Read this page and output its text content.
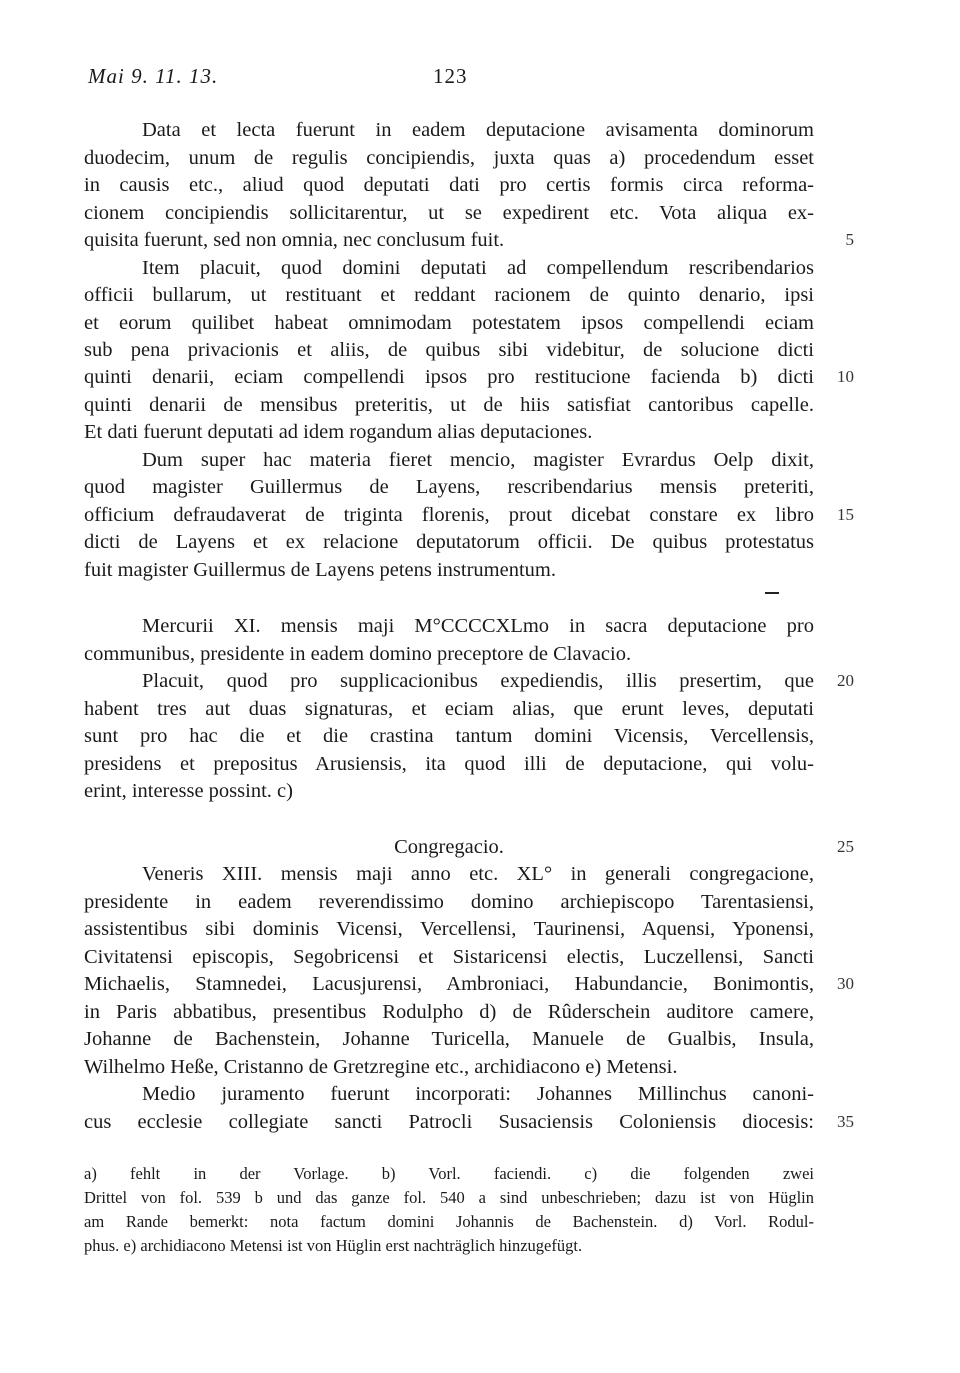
Mai 9. 11. 13.	123
Data et lecta fuerunt in eadem deputacione avisamenta dominorum
duodecim, unum de regulis concipiendis, juxta quas a) procedendum esset
in causis etc., aliud quod deputati dati pro certis formis circa reforma-
cionem concipiendis sollicitarentur, ut se expedirent etc. Vota aliqua ex-
quisita fuerunt, sed non omnia, nec conclusum fuit.
Item placuit, quod domini deputati ad compellendum rescribendarios
officii bullarum, ut restituant et reddant racionem de quinto denario, ipsi
et eorum quilibet habeat omnimodam potestatem ipsos compellendi eciam
sub pena privacionis et aliis, de quibus sibi videbitur, de solucione dicti
quinti denarii, eciam compellendi ipsos pro restitucione facienda b) dicti
quinti denarii de mensibus preteritis, ut de hiis satisfiat cantoribus capelle.
Et dati fuerunt deputati ad idem rogandum alias deputaciones.
Dum super hac materia fieret mencio, magister Evrardus Oelp dixit,
quod magister Guillermus de Layens, rescribendarius mensis preteriti,
officium defraudaverat de triginta florenis, prout dicebat constare ex libro
dicti de Layens et ex relacione deputatorum officii. De quibus protestatus
fuit magister Guillermus de Layens petens instrumentum.
Mercurii XI. mensis maji M°CCCCXLmo in sacra deputacione pro
communibus, presidente in eadem domino preceptore de Clavacio.
Placuit, quod pro supplicacionibus expediendis, illis presertim, que
habent tres aut duas signaturas, et eciam alias, que erunt leves, deputati
sunt pro hac die et die crastina tantum domini Vicensis, Vercellensis,
presidens et prepositus Arusiensis, ita quod illi de deputacione, qui volu-
erint, interesse possint. c)
Congregacio.
Veneris XIII. mensis maji anno etc. XL° in generali congregacione,
presidente in eadem reverendissimo domino archiepiscopo Tarentasiensi,
assistentibus sibi dominis Vicensi, Vercellensi, Taurinensi, Aquensi, Yponensi,
Civitatensi episcopis, Segobricensi et Sistaricensi electis, Luczellensi, Sancti
Michaelis, Stamnedei, Lacusjurensi, Ambroniaci, Habundancie, Bonimontis,
in Paris abbatibus, presentibus Rodulpho d) de Rûderschein auditore camere,
Johanne de Bachenstein, Johanne Turicella, Manuele de Gualbis, Insula,
Wilhelmo Heße, Cristanno de Gretzregine etc., archidiacono e) Metensi.
Medio juramento fuerunt incorporati: Johannes Millinchus canoni-
cus ecclesie collegiate sancti Patrocli Susaciensis Coloniensis diocesis:
5
10
15
20
25
30
35
a) fehlt in der Vorlage. b) Vorl. faciendi. c) die folgenden zwei
Drittel von fol. 539 b und das ganze fol. 540 a sind unbeschrieben; dazu ist von Hüglin
am Rande bemerkt: nota factum domini Johannis de Bachenstein. d) Vorl. Rodul-
phus. e) archidiacono Metensi ist von Hüglin erst nachträglich hinzugefügt.
